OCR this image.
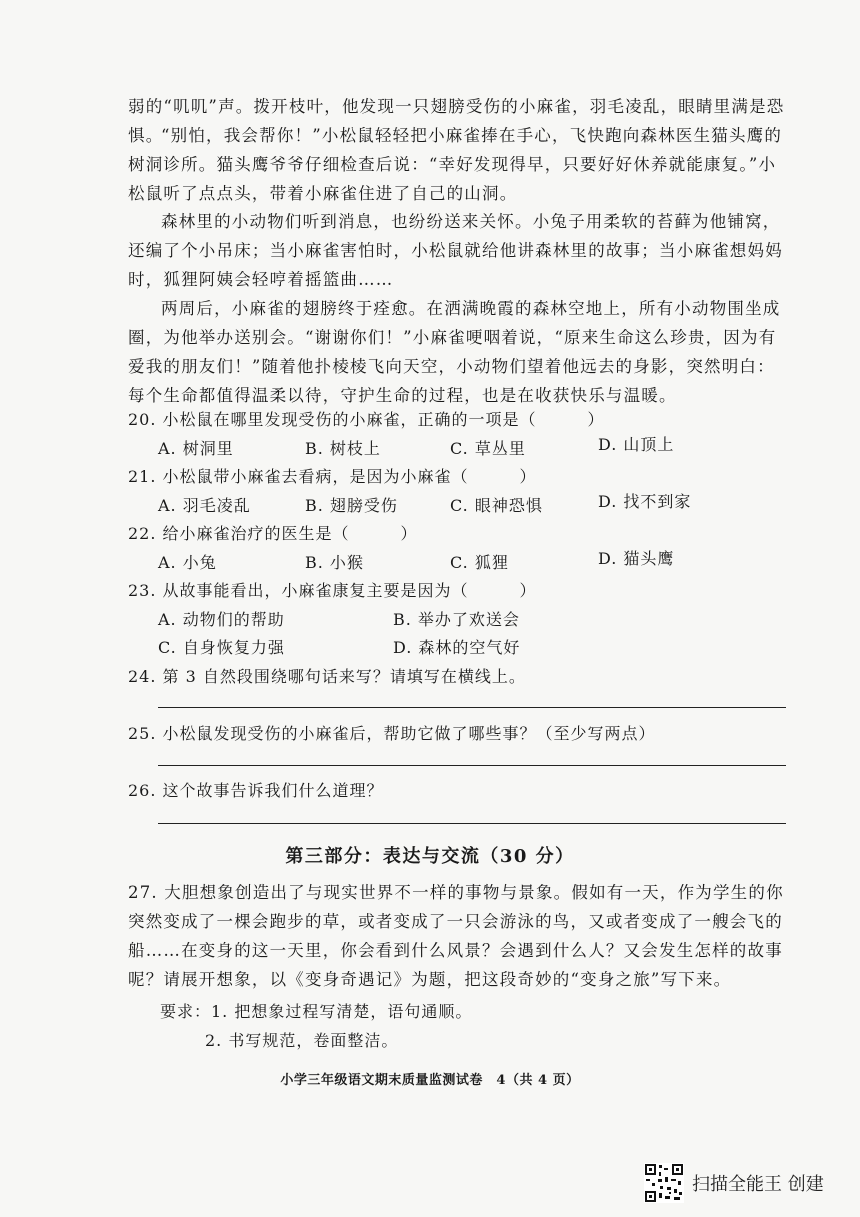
弱的“叽叽”声。拨开枝叶，他发现一只翅膀受伤的小麻雀，羽毛凌乱，眼睛里满是恐惧。

“别怕，我会帮你！”小松鼠轻轻把小麻雀捧在手心，飞快跑向森林医生猫头鹰的树洞诊所。猫头鹰爷爷仔细检查后说：“幸好发现得早，只要好好休养就能康复。”小松鼠听了点点头，带着小麻雀住进了自己的山洞。

森林里的小动物们听到消息，也纷纷送来关怀。小兔子用柔软的苔藓为他铺窝，还编了个小吊床；当小麻雀害怕时，小松鼠就给他讲森林里的故事；当小麻雀想妈妈时，狐狸阿姨会轻哼着摇篮曲……

两周后，小麻雀的翅膀终于痊愈。在洒满晚霞的森林空地上，所有小动物围坐成圈，为他举办送别会。“谢谢你们！”小麻雀哽咽着说，“原来生命这么珍贵，因为有爱我的朋友们！”随着他扑棱棱飞向天空，小动物们望着他远去的身影，突然明白：每个生命都值得温柔以待，守护生命的过程，也是在收获快乐与温暖。

20. 小松鼠在哪里发现受伤的小麻雀，正确的一项是（　　　）

A. 树洞里	B. 树枝上	C. 草丛里	D. 山顶上

21. 小松鼠带小麻雀去看病，是因为小麻雀（　　　）

A. 羽毛凌乱	B. 翅膀受伤	C. 眼神恐惧	D. 找不到家

22. 给小麻雀治疗的医生是（　　　）

A. 小兔	B. 小猴	C. 狐狸	D. 猫头鹰

23. 从故事能看出，小麻雀康复主要是因为（　　　）

A. 动物们的帮助	B. 举办了欢送会
C. 自身恢复力强	D. 森林的空气好

24. 第 3 自然段围绕哪句话来写？请填写在横线上。

25. 小松鼠发现受伤的小麻雀后，帮助它做了哪些事？（至少写两点）

26. 这个故事告诉我们什么道理？

第三部分：表达与交流（30 分）

27. 大胆想象创造出了与现实世界不一样的事物与景象。假如有一天，作为学生的你突然变成了一棵会跑步的草，或者变成了一只会游泳的鸟，又或者变成了一艘会飞的船……在变身的这一天里，你会看到什么风景？会遇到什么人？又会发生怎样的故事呢？请展开想象，以《变身奇遇记》为题，把这段奇妙的“变身之旅”写下来。

要求：1. 把想象过程写清楚，语句通顺。
2. 书写规范，卷面整洁。
小学三年级语文期末质量监测试卷　4（共 4 页）
扫描全能王 创建
